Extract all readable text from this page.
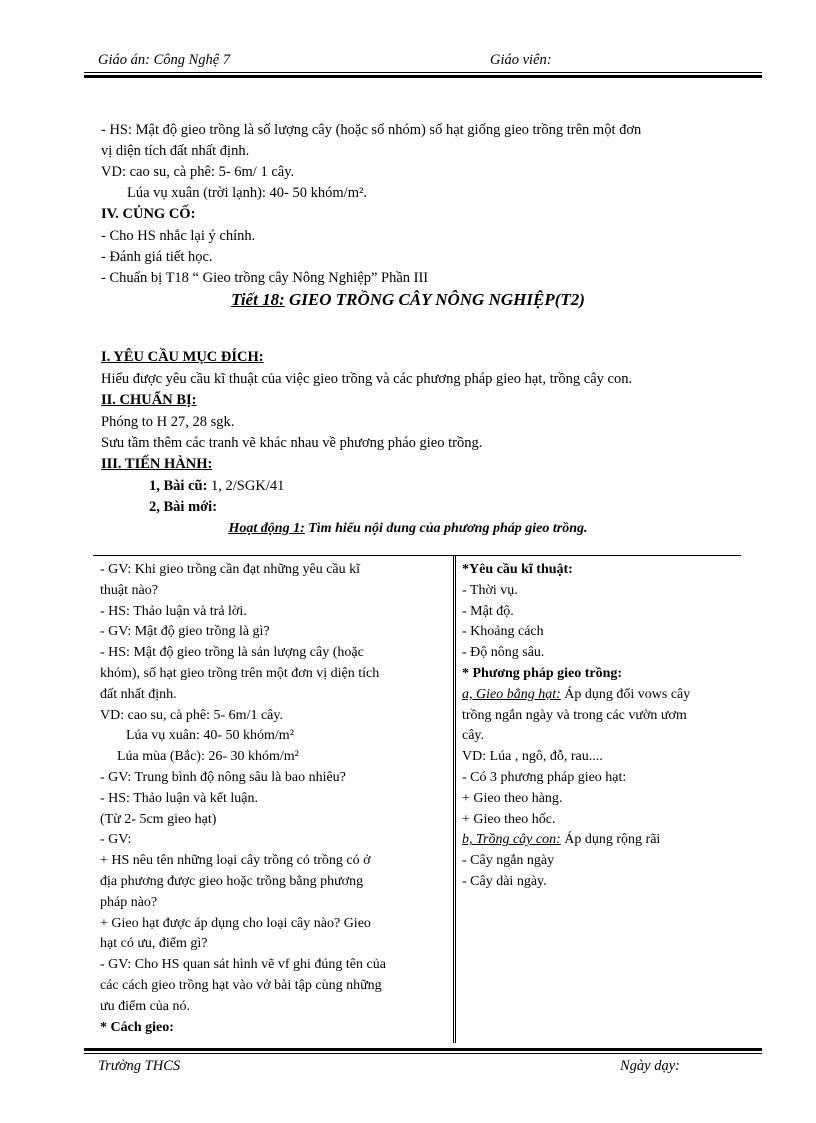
Giáo án: Công Nghệ 7	Giáo viên:
- HS: Mật độ gieo trồng là số lượng cây (hoặc số nhóm) số hạt giống gieo trồng trên một đơn
vị diện tích đất nhất định.
VD: cao su, cà phê: 5- 6m/ 1 cây.
Lúa vụ xuân (trời lạnh): 40- 50 khóm/m².
IV. CỦNG CỐ:
- Cho HS nhắc lại ý chính.
- Đánh giá tiết học.
- Chuẩn bị T18 “ Gieo trồng cây Nông Nghiệp” Phần III
Tiết 18: GIEO TRỒNG CÂY NÔNG NGHIỆP(T2)
I. YÊU CẦU MỤC ĐÍCH:
Hiểu được yêu cầu kĩ thuật của việc gieo trồng và các phương pháp gieo hạt, trồng cây con.
II. CHUẨN BỊ:
Phóng to H 27, 28 sgk.
Sưu tầm thêm các tranh vẽ khác nhau về phương pháo gieo trồng.
III. TIẾN HÀNH:
1, Bài cũ: 1, 2/SGK/41
2, Bài mới:
Hoạt động 1: Tìm hiểu nội dung của phương pháp gieo trồng.
- GV: Khi gieo trồng cần đạt những yêu cầu kĩ
thuật nào?
- HS: Thảo luận và trả lời.
- GV: Mật độ gieo trồng là gì?
- HS: Mật độ gieo trồng là sản lượng cây (hoặc
khóm), số hạt gieo trồng trên một đơn vị diện tích
đất nhất định.
VD: cao su, cà phê: 5- 6m/1 cây.
Lúa vụ xuân: 40- 50 khóm/m²
Lúa mùa (Bắc): 26- 30 khóm/m²
- GV: Trung bình độ nông sâu là bao nhiêu?
- HS: Thảo luận và kết luận.
(Từ 2- 5cm gieo hạt)
- GV:
+ HS nêu tên những loại cây trồng có trồng có ở
địa phương được gieo hoặc trồng bằng phương
pháp nào?
+ Gieo hạt được áp dụng cho loại cây nào? Gieo
hạt có ưu, điểm gì?
- GV: Cho HS quan sát hình vẽ vf ghi đúng tên của
các cách gieo trồng hạt vào vở bài tập cùng những
ưu điểm của nó.
* Cách gieo:
*Yêu cầu kĩ thuật:
- Thời vụ.
- Mật độ.
- Khoảng cách
- Độ nông sâu.
* Phương pháp gieo trồng:
a, Gieo bằng hạt: Áp dụng đối vows cây
trồng ngắn ngày và trong các vườn ươm
cây.
VD: Lúa , ngô, đỗ, rau....
- Có 3 phương pháp gieo hạt:
+ Gieo theo hàng.
+ Gieo theo hốc.
b, Trồng cây con: Áp dụng rộng rãi
- Cây ngắn ngày
- Cây dài ngày.
Trường THCS	Ngày dạy:
